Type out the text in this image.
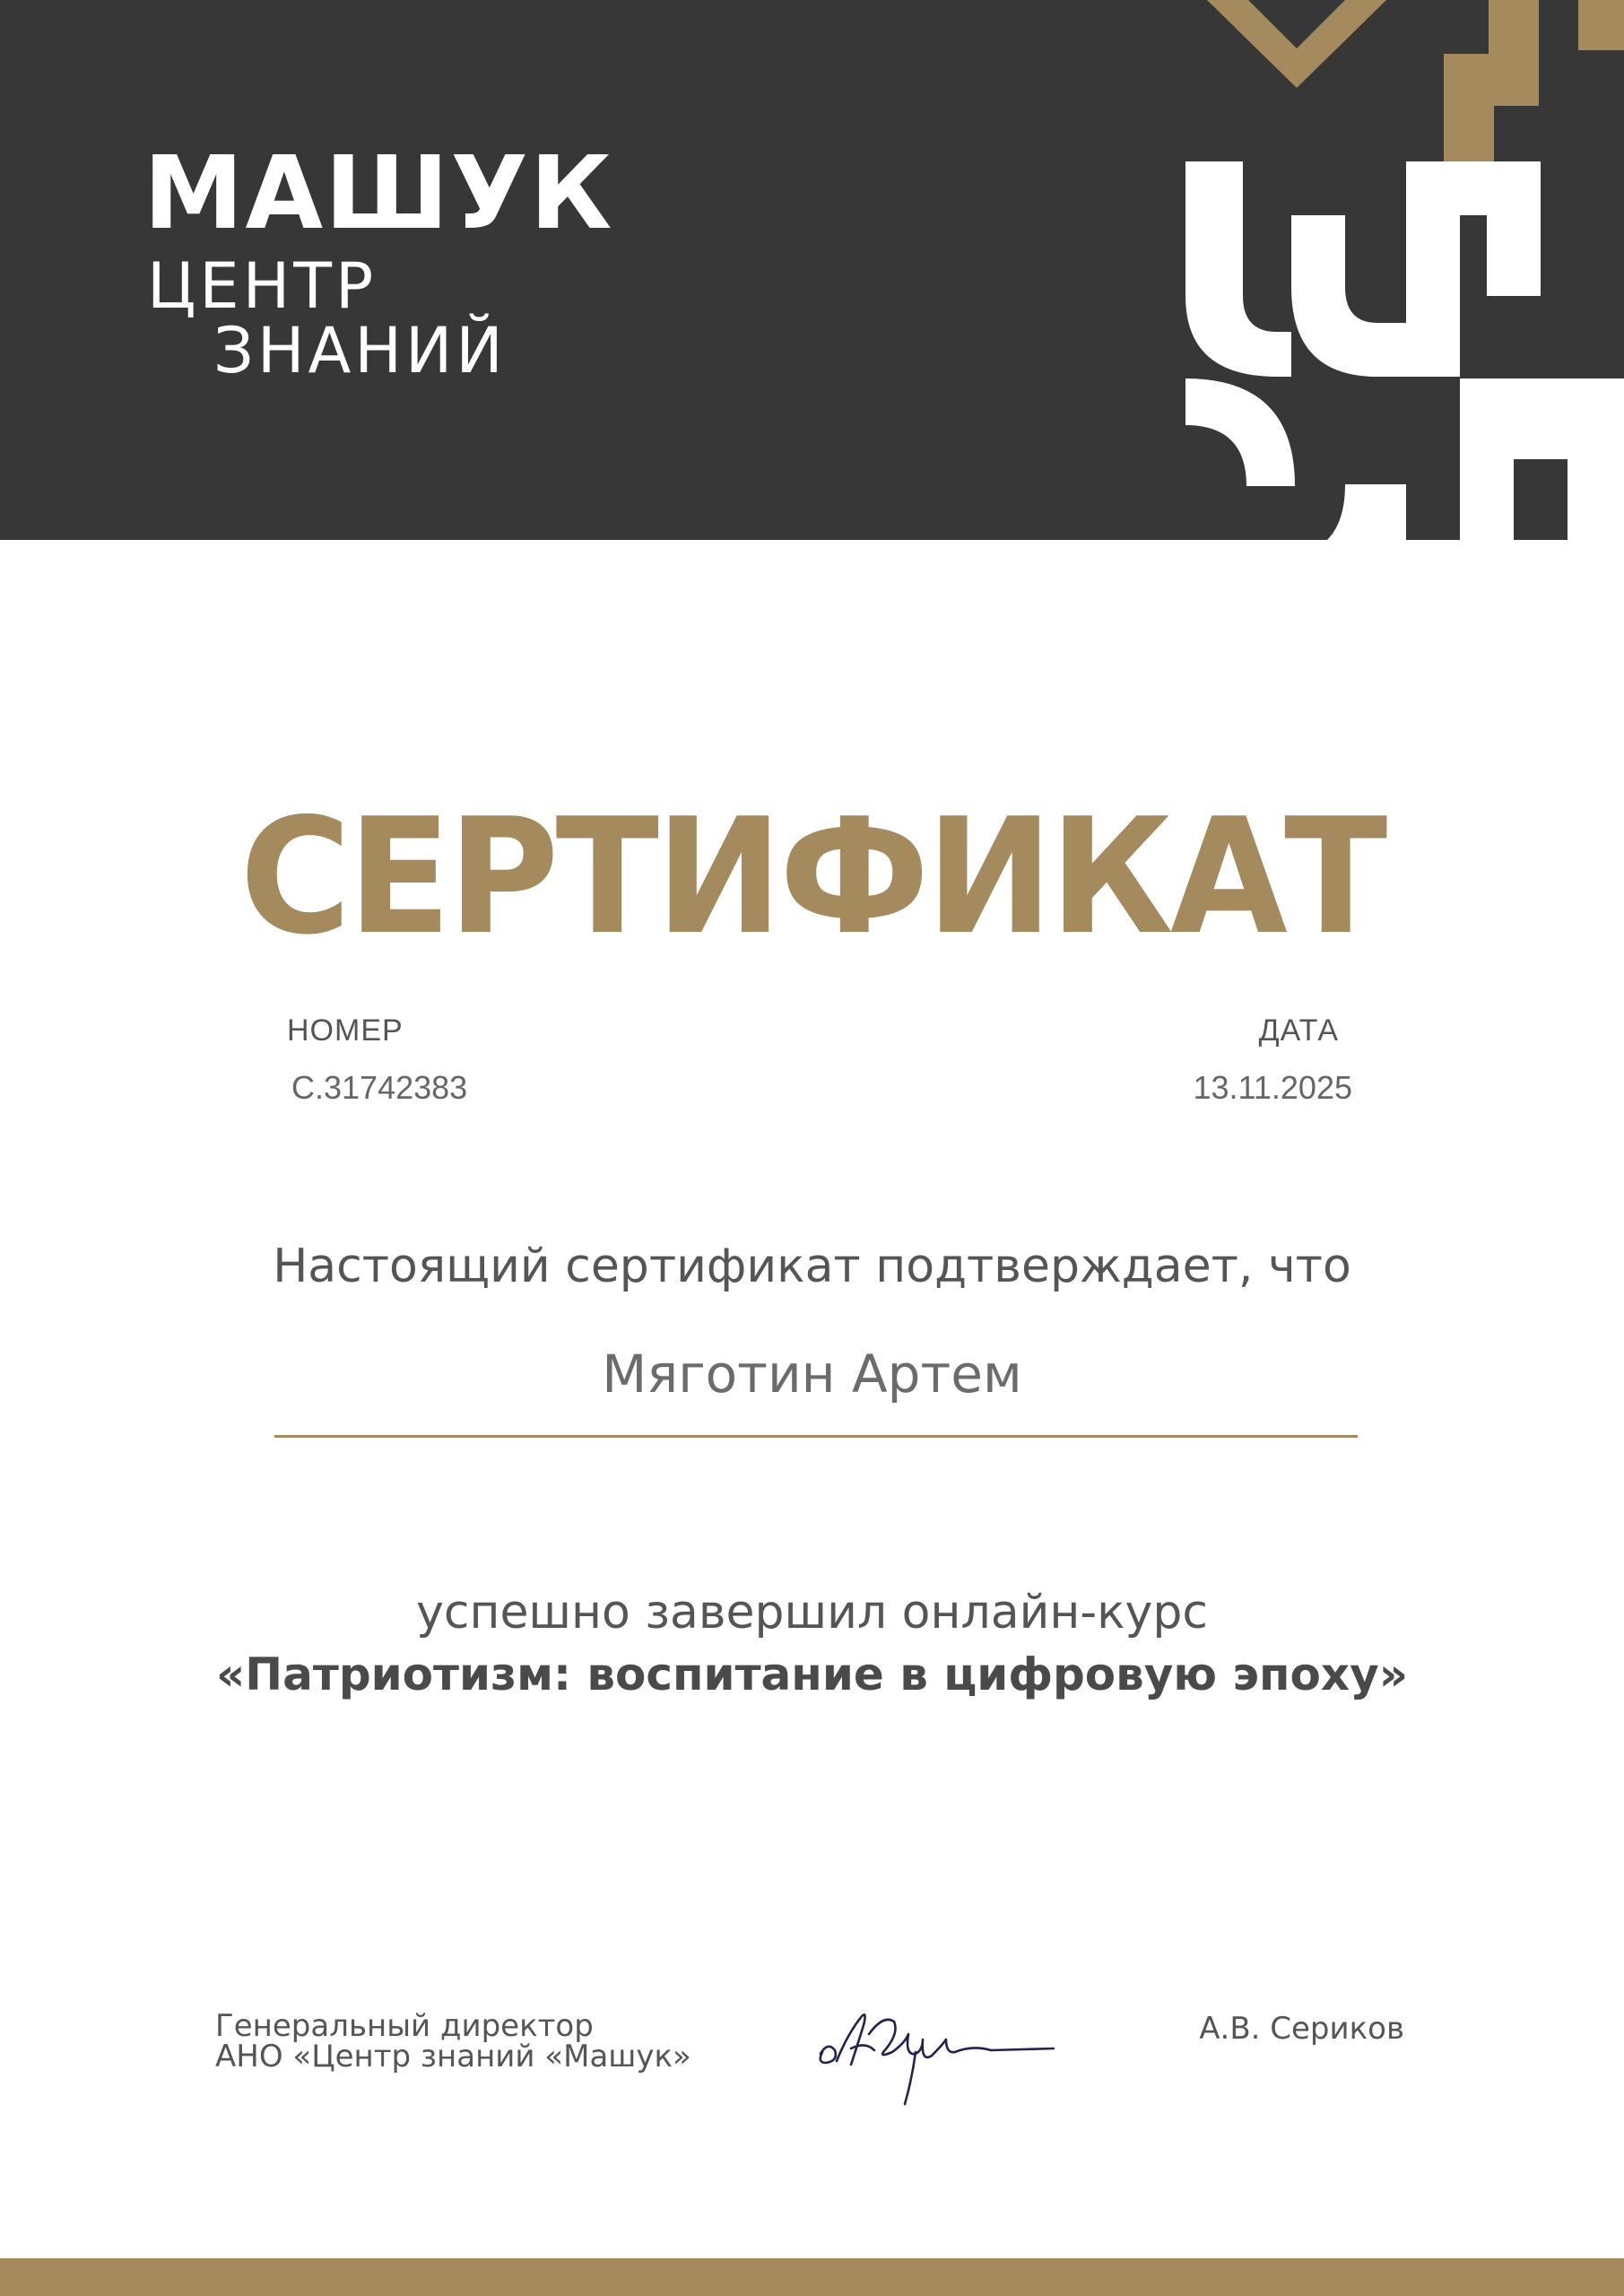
МАШУК
ЦЕНТР
ЗНАНИЙ
СЕРТИФИКАТ
НОМЕР
С.31742383
ДАТА
13.11.2025
Настоящий сертификат подтверждает, что
Мяготин Артем
успешно завершил онлайн-курс
«Патриотизм: воспитание в цифровую эпоху»
Генеральный директор
АНО «Центр знаний «Машук»
А.В. Сериков
